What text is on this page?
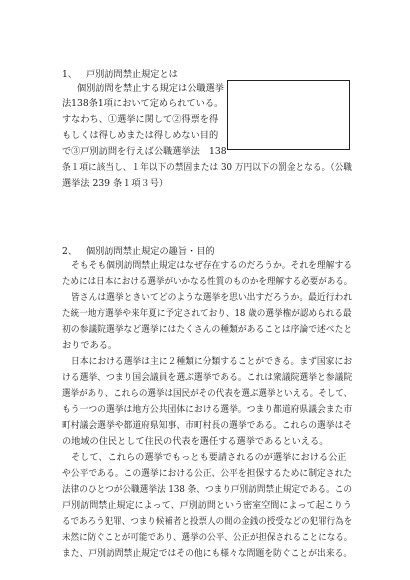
1、 戸別訪問禁止規定とは
個別訪問を禁止する規定は公職選挙
法138条1項において定められている。
すなわち、①選挙に関して②得票を得
もしくは得しめまたは得しめない目的
で③戸別訪問を行えば公職選挙法　138
条１項に該当し、１年以下の禁固または 30 万円以下の罰金となる。（公職
選挙法 239 条１項３号）
2、 個別訪問禁止規定の趣旨・目的
そもそも個別訪問禁止規定はなぜ存在するのだろうか。それを理解する
ためには日本における選挙がいかなる性質のものかを理解する必要がある。
皆さんは選挙ときいてどのような選挙を思い出すだろうか。最近行われ
た統一地方選挙や来年夏に予定されており、18 歳の選挙権が認められる最
初の参議院選挙など選挙にはたくさんの種類があることは序論で述べたと
おりである。
日本における選挙は主に２種類に分類することができる。まず国家にお
ける選挙、つまり国会議員を選ぶ選挙である。これは衆議院選挙と参議院
選挙があり、これらの選挙は国民がその代表を選ぶ選挙といえる。そして、
もう一つの選挙は地方公共団体における選挙。つまり都道府県議会また市
町村議会選挙や都道府県知事、市町村長の選挙である。これらの選挙はそ
の地域の住民として住民の代表を選任する選挙であるといえる。
そして、これらの選挙でもっとも要請されるのが選挙における公正
や公平である。この選挙における公正、公平を担保するために制定された
法律のひとつが公職選挙法 138 条、つまり戸別訪問禁止規定である。この
戸別訪問禁止規定によって、戸別訪問という密室空間によって起こりう
るであろう犯罪、つまり候補者と投票人の間の金銭の授受などの犯罪行為を
未然に防ぐことが可能であり、選挙の公平、公正が担保されることになる。
また、戸別訪問禁止規定ではその他にも様々な問題を防ぐことが出来る。
